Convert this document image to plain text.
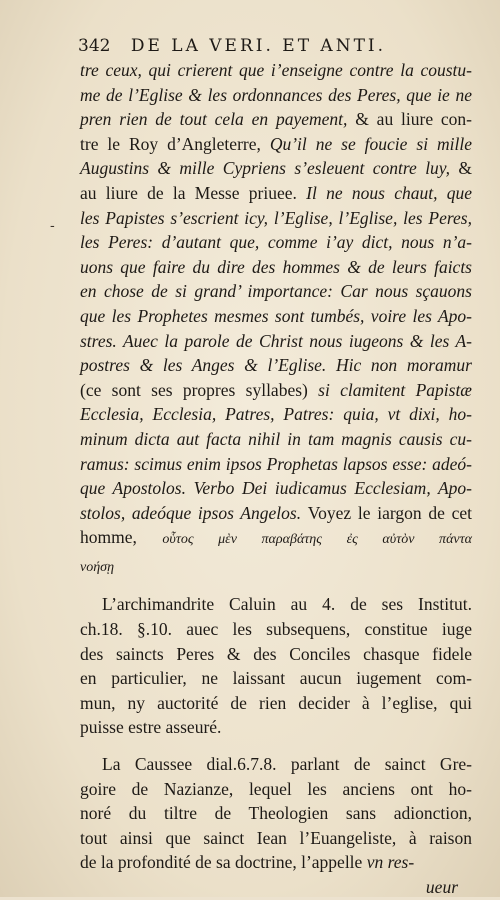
342 DE LA VERI. ET ANTI.
-
tre ceux, qui crierent que i’enseigne contre la coustu-
me de l’Eglise & les ordonnances des Peres, que ie ne
pren rien de tout cela en payement, & au liure con-
tre le Roy d’Angleterre, Qu’il ne se foucie si mille
Augustins & mille Cypriens s’esleuent contre luy, &
au liure de la Messe priuee. Il ne nous chaut, que
les Papistes s’escrient icy, l’Eglise, l’Eglise, les Peres,
les Peres: d’autant que, comme i’ay dict, nous n’a-
uons que faire du dire des hommes & de leurs faicts
en chose de si grand’ importance: Car nous sçauons
que les Prophetes mesmes sont tumbés, voire les Apo-
stres. Auec la parole de Christ nous iugeons & les A-
postres & les Anges & l’Eglise. Hic non moramur
(ce sont ses propres syllabes) si clamitent Papistæ
Ecclesia, Ecclesia, Patres, Patres: quia, vt dixi, ho-
minum dicta aut facta nihil in tam magnis causis cu-
ramus: scimus enim ipsos Prophetas lapsos esse: adeó-
que Apostolos. Verbo Dei iudicamus Ecclesiam, Apo-
stolos, adeóque ipsos Angelos. Voyez le iargon de cet
homme, οὗτος μὲν παραβάτης ἐς αὐτὸν πάντα
νοήσῃ
L’archimandrite Caluin au 4. de ses Institut.
ch.18. §.10. auec les subsequens, constitue iuge
des saincts Peres & des Conciles chasque fidele
en particulier, ne laissant aucun iugement com-
mun, ny auctorité de rien decider à l’eglise, qui
puisse estre asseuré.
La Caussee dial.6.7.8. parlant de sainct Gre-
goire de Nazianze, lequel les anciens ont ho-
noré du tiltre de Theologien sans adionction,
tout ainsi que sainct Iean l’Euangeliste, à raison
de la profondité de sa doctrine, l’appelle vn res-
ueur
